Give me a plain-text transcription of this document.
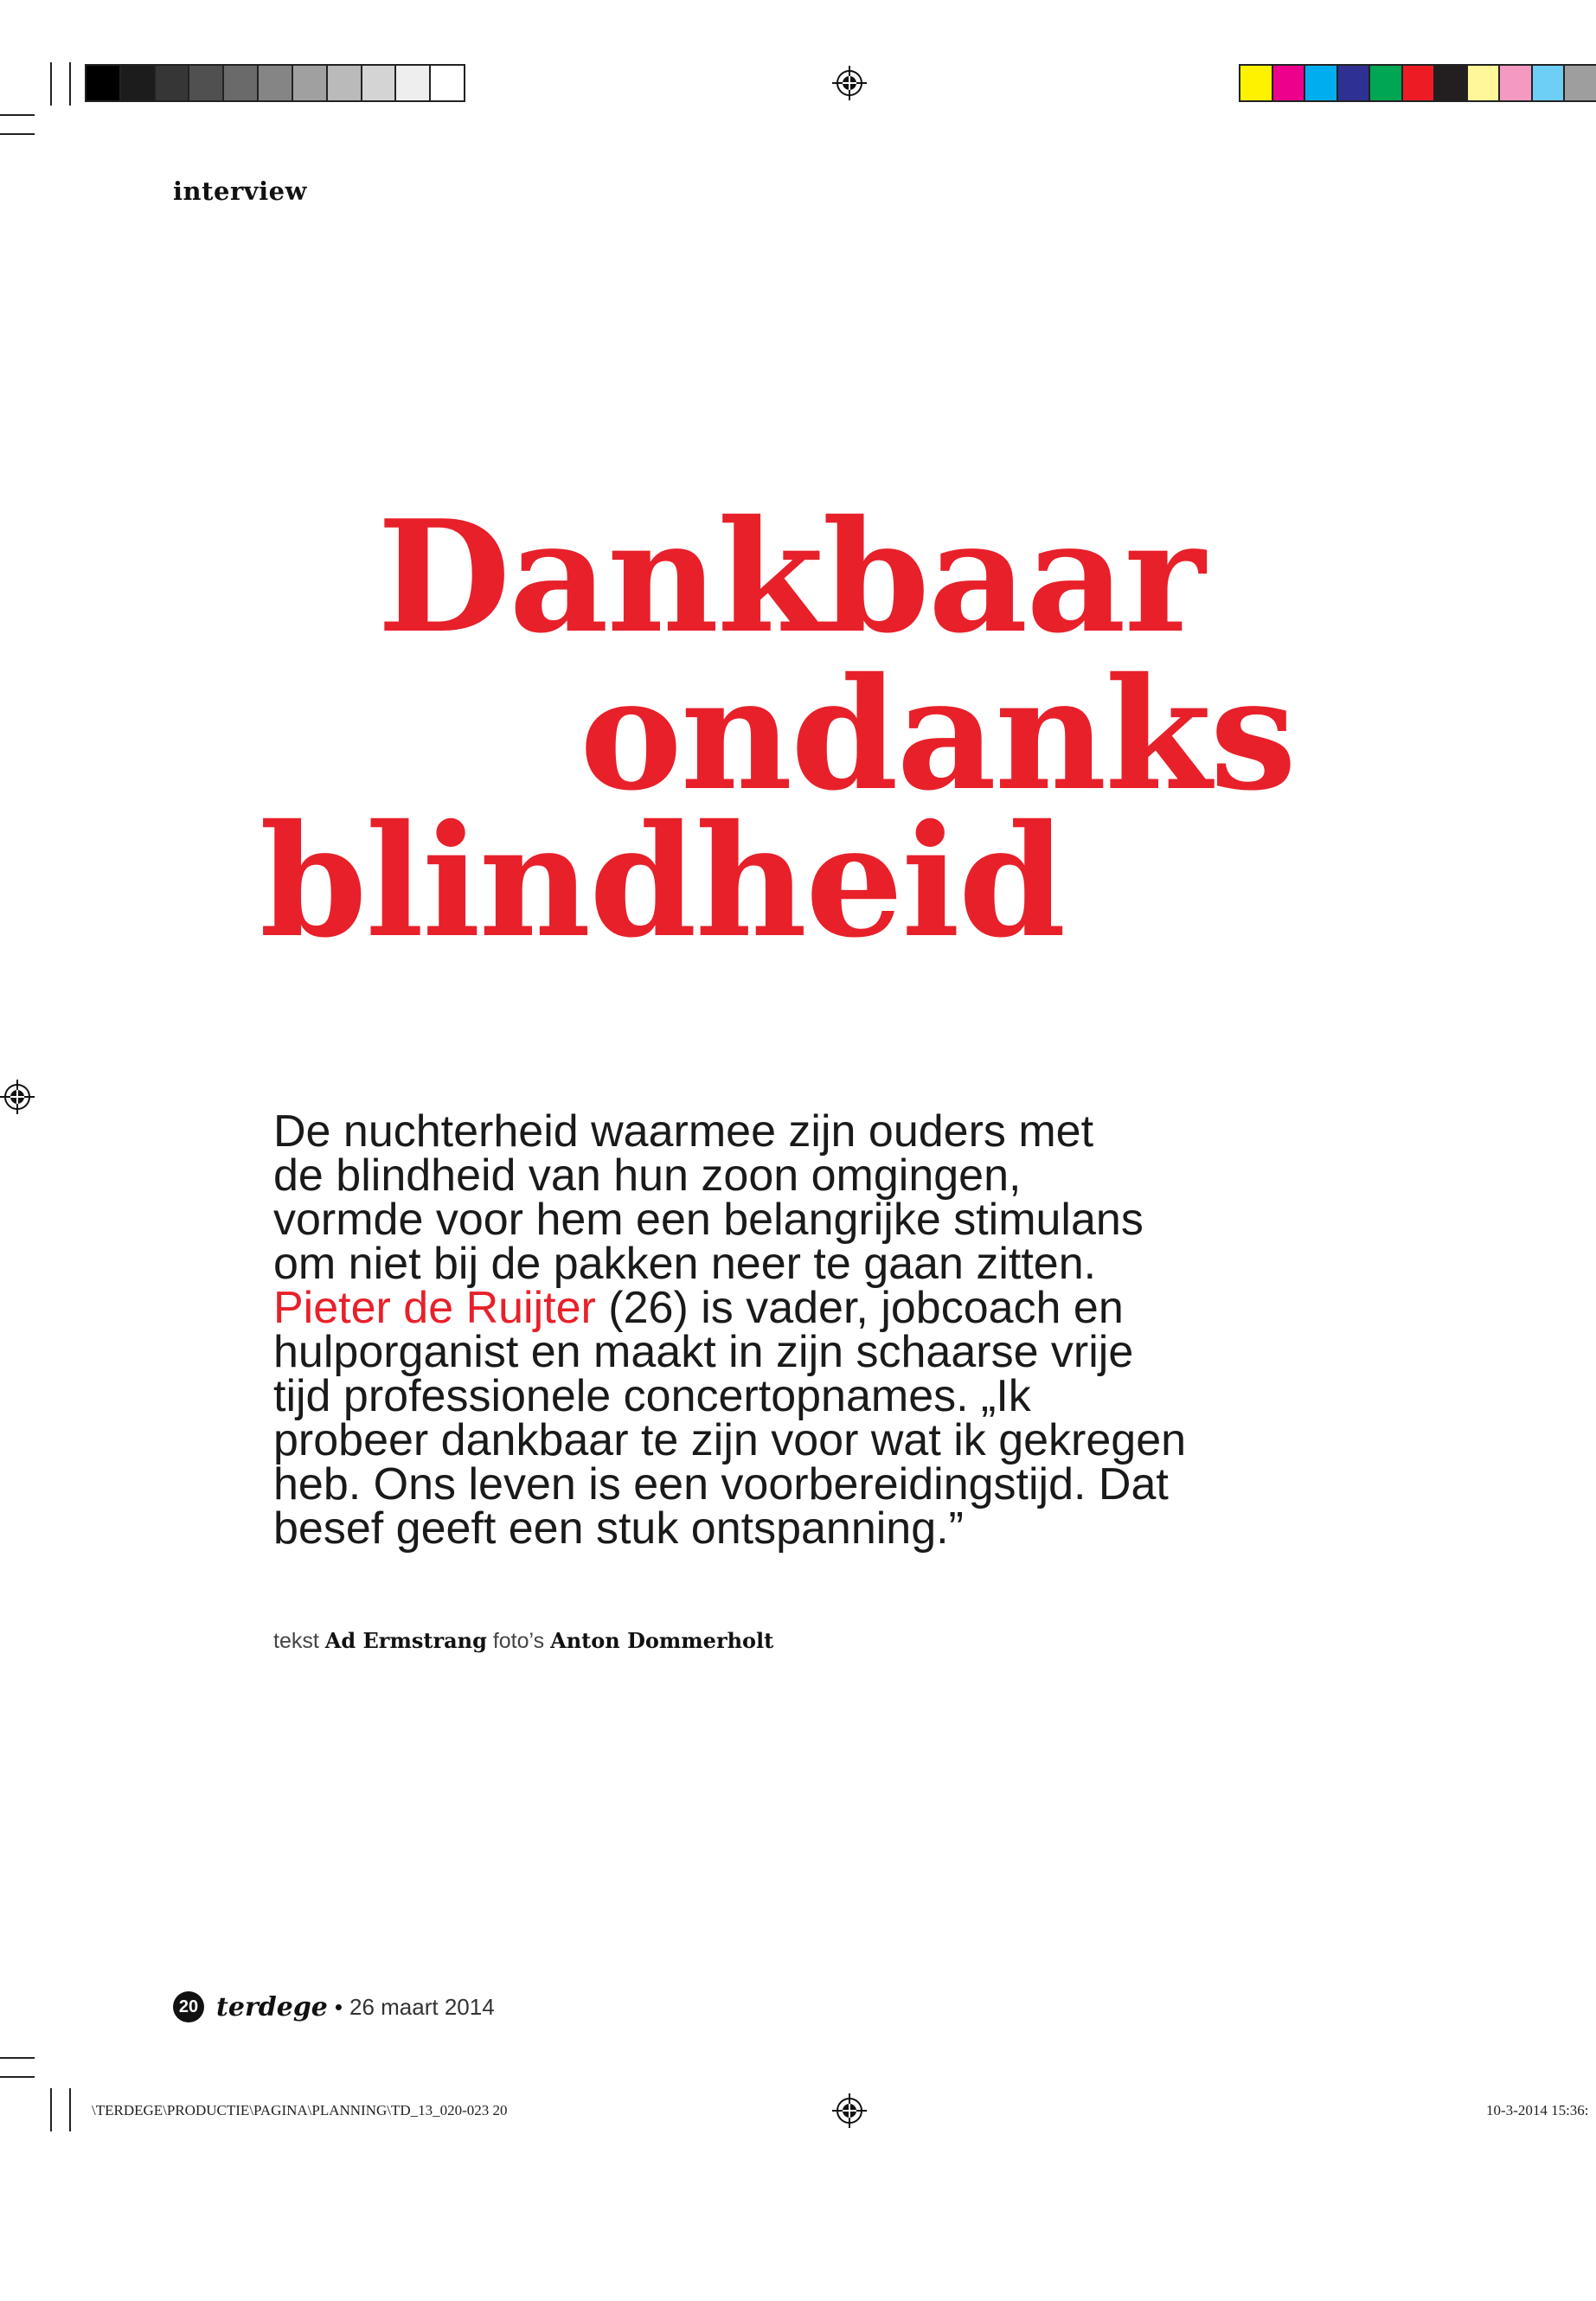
interview
Dankbaar
ondanks
blindheid
De nuchterheid waarmee zijn ouders met
de blindheid van hun zoon omgingen,
vormde voor hem een belangrijke stimulans
om niet bij de pakken neer te gaan zitten.
Pieter de Ruijter (26) is vader, jobcoach en
hulporganist en maakt in zijn schaarse vrije
tijd professionele concertopnames. „Ik
probeer dankbaar te zijn voor wat ik gekregen
heb. Ons leven is een voorbereidingstijd. Dat
besef geeft een stuk ontspanning.”
tekst Ad Ermstrang foto’s Anton Dommerholt
20 terdege • 26 maart 2014
\TERDEGE\PRODUCTIE\PAGINA\PLANNING\TD_13_020-023 20	10-3-2014 15:36:
